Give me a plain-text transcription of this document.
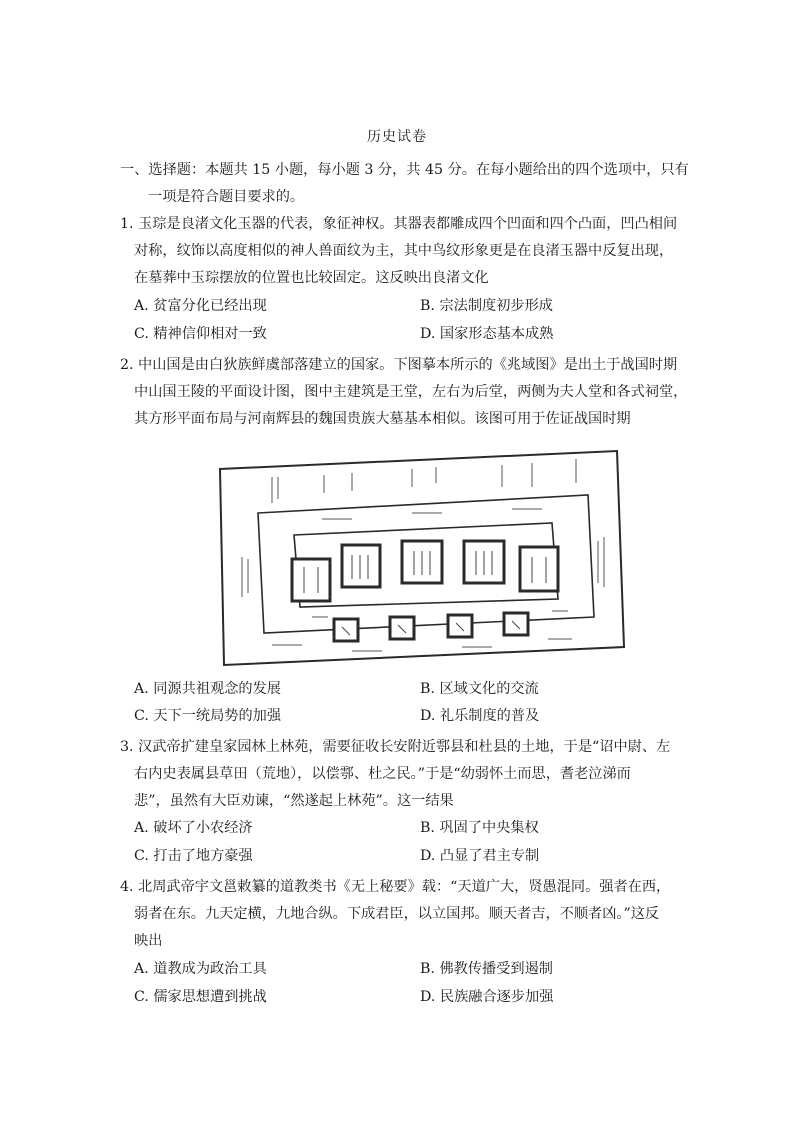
历史试卷
一、选择题：本题共 15 小题，每小题 3 分，共 45 分。在每小题给出的四个选项中，只有
一项是符合题目要求的。
1. 玉琮是良渚文化玉器的代表，象征神权。其器表都雕成四个凹面和四个凸面，凹凸相间
对称，纹饰以高度相似的神人兽面纹为主，其中鸟纹形象更是在良渚玉器中反复出现，
在墓葬中玉琮摆放的位置也比较固定。这反映出良渚文化
A. 贫富分化已经出现	B. 宗法制度初步形成
C. 精神信仰相对一致	D. 国家形态基本成熟
2. 中山国是由白狄族鲜虞部落建立的国家。下图摹本所示的《兆域图》是出土于战国时期
中山国王陵的平面设计图，图中主建筑是王堂，左右为后堂，两侧为夫人堂和各式祠堂，
其方形平面布局与河南辉县的魏国贵族大墓基本相似。该图可用于佐证战国时期
A. 同源共祖观念的发展	B. 区域文化的交流
C. 天下一统局势的加强	D. 礼乐制度的普及
3. 汉武帝扩建皇家园林上林苑，需要征收长安附近鄠县和杜县的土地，于是“诏中尉、左
右内史表属县草田（荒地），以偿鄠、杜之民。”于是“幼弱怀土而思，耆老泣涕而
悲”，虽然有大臣劝谏，“然遂起上林苑”。这一结果
A. 破坏了小农经济	B. 巩固了中央集权
C. 打击了地方豪强	D. 凸显了君主专制
4. 北周武帝宇文邕敕纂的道教类书《无上秘要》载：“天道广大，贤愚混同。强者在西，
弱者在东。九天定横，九地合纵。下成君臣，以立国邦。顺天者吉，不顺者凶。”这反
映出
A. 道教成为政治工具	B. 佛教传播受到遏制
C. 儒家思想遭到挑战	D. 民族融合逐步加强
